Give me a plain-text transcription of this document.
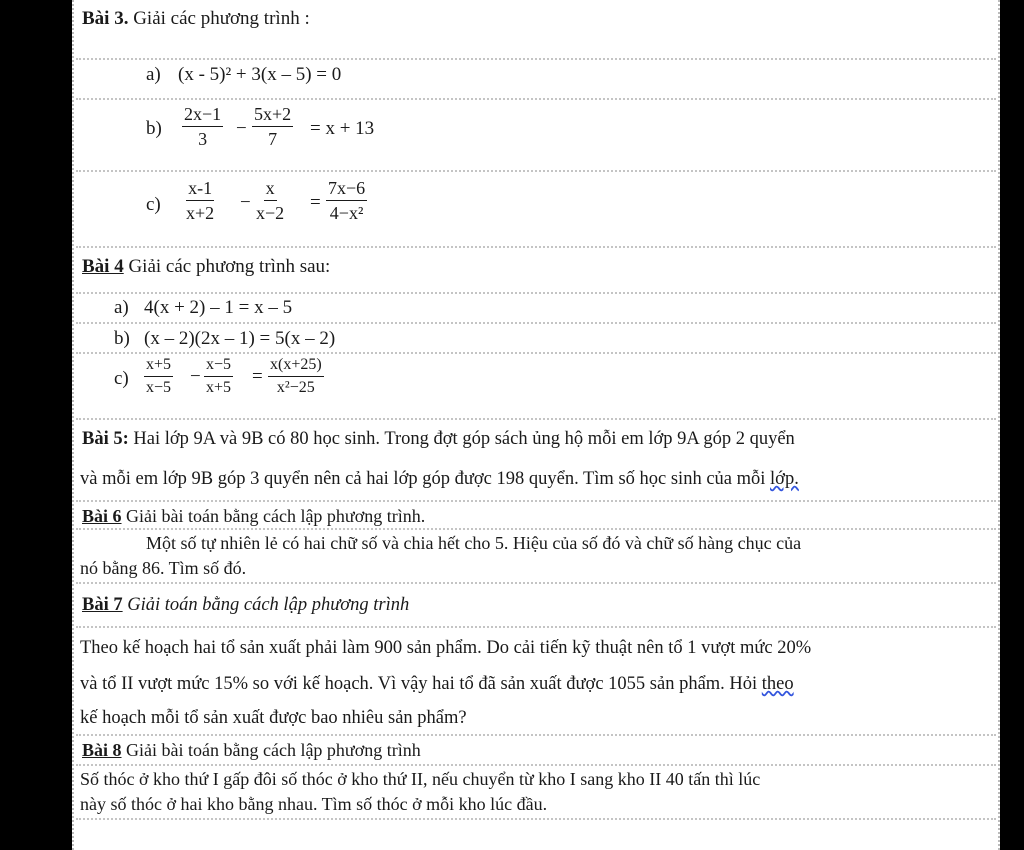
Bài 3. Giải các phương trình :
a) (x - 5)² + 3(x – 5) = 0
$b) \frac{2x-1}{3} - \frac{5x+2}{7} = x + 13$
$c) \frac{x-1}{x+2} - \frac{x}{x-2} = \frac{7x-6}{\text{4−x²}}$
Bài 4 Giải các phương trình sau:
a) 4(x + 2) – 1 = x – 5
b) (x – 2)(2x – 1) = 5(x – 2)
$c) \frac{x+5}{x-5} - \frac{x-5}{x+5} = \frac{x(x+25)}{\text{x²−25}}$
Bài 5: Hai lớp 9A và 9B có 80 học sinh. Trong đợt góp sách ủng hộ mỗi em lớp 9A góp 2 quyển
và mỗi em lớp 9B góp 3 quyển nên cả hai lớp góp được 198 quyển. Tìm số học sinh của mỗi lớp.
Bài 6 Giải bài toán bằng cách lập phương trình.
Một số tự nhiên lẻ có hai chữ số và chia hết cho 5. Hiệu của số đó và chữ số hàng chục của
nó bằng 86. Tìm số đó.
Bài 7 Giải toán bằng cách lập phương trình
Theo kế hoạch hai tổ sản xuất phải làm 900 sản phẩm. Do cải tiến kỹ thuật nên tổ 1 vượt mức 20%
và tổ II vượt mức 15% so với kế hoạch. Vì vậy hai tổ đã sản xuất được 1055 sản phẩm. Hỏi theo
kế hoạch mỗi tổ sản xuất được bao nhiêu sản phẩm?
Bài 8 Giải bài toán bằng cách lập phương trình
Số thóc ở kho thứ I gấp đôi số thóc ở kho thứ II, nếu chuyển từ kho I sang kho II 40 tấn thì lúc
này số thóc ở hai kho bằng nhau. Tìm số thóc ở mỗi kho lúc đầu.
